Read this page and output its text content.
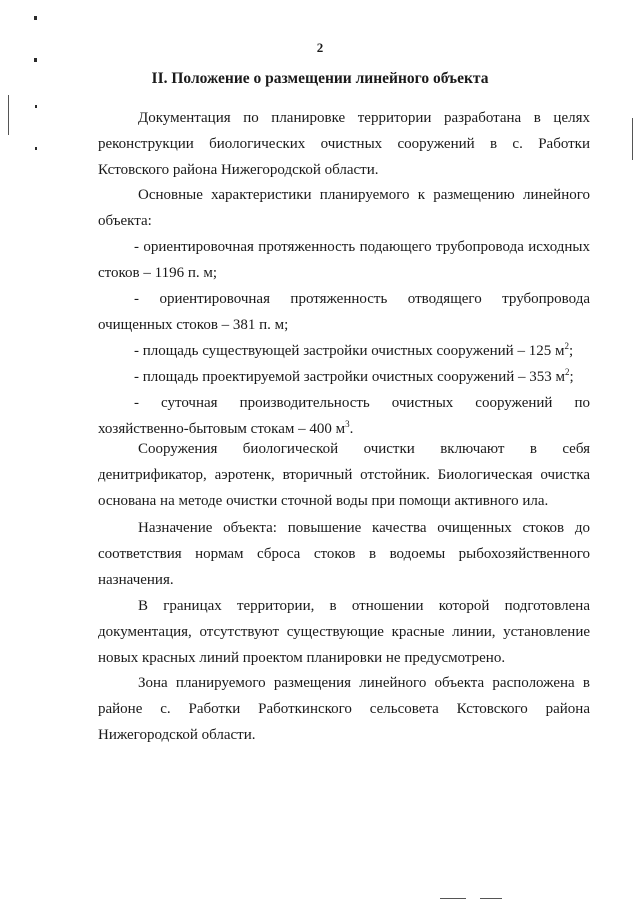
2
II. Положение о размещении линейного объекта

Документация по планировке территории разработана в целях реконструкции биологических очистных сооружений в с. Работки Кстовского района Нижегородской области.

Основные характеристики планируемого к размещению линейного объекта:

- ориентировочная протяженность подающего трубопровода исходных стоков – 1196 п. м;

- ориентировочная протяженность отводящего трубопровода очищенных стоков – 381 п. м;

- площадь существующей застройки очистных сооружений – 125 $м^2$;

- площадь проектируемой застройки очистных сооружений – 353 $м^2$;

- суточная производительность очистных сооружений по хозяйственно-бытовым стокам – 400 $м^3$.

Сооружения биологической очистки включают в себя денитрификатор, аэротенк, вторичный отстойник. Биологическая очистка основана на методе очистки сточной воды при помощи активного ила.

Назначение объекта: повышение качества очищенных стоков до соответствия нормам сброса стоков в водоемы рыбохозяйственного назначения.

В границах территории, в отношении которой подготовлена документация, отсутствуют существующие красные линии, установление новых красных линий проектом планировки не предусмотрено.

Зона планируемого размещения линейного объекта расположена в районе с. Работки Работкинского сельсовета Кстовского района Нижегородской области.
